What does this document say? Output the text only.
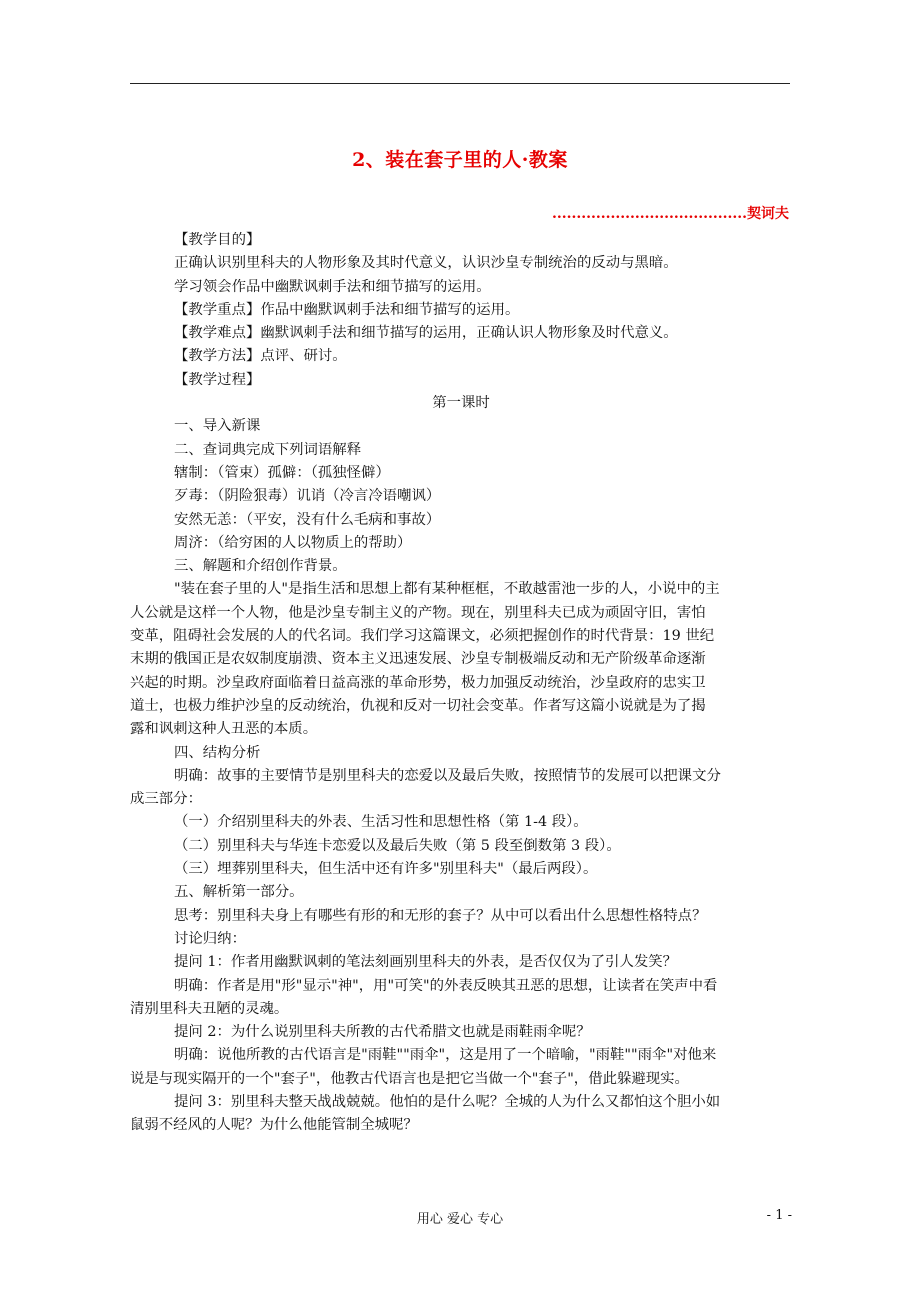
2、装在套子里的人·教案
........................................契诃夫
【教学目的】
正确认识别里科夫的人物形象及其时代意义，认识沙皇专制统治的反动与黑暗。
学习领会作品中幽默讽刺手法和细节描写的运用。
【教学重点】作品中幽默讽刺手法和细节描写的运用。
【教学难点】幽默讽刺手法和细节描写的运用，正确认识人物形象及时代意义。
【教学方法】点评、研讨。
【教学过程】
第一课时
一、导入新课
二、查词典完成下列词语解释
辖制：（管束）孤僻：（孤独怪僻）
歹毒：（阴险狠毒）讥诮（冷言冷语嘲讽）
安然无恙：（平安，没有什么毛病和事故）
周济：（给穷困的人以物质上的帮助）
三、解题和介绍创作背景。
"装在套子里的人"是指生活和思想上都有某种框框，不敢越雷池一步的人，小说中的主
人公就是这样一个人物，他是沙皇专制主义的产物。现在，别里科夫已成为顽固守旧，害怕
变革，阻碍社会发展的人的代名词。我们学习这篇课文，必须把握创作的时代背景：19 世纪
末期的俄国正是农奴制度崩溃、资本主义迅速发展、沙皇专制极端反动和无产阶级革命逐渐
兴起的时期。沙皇政府面临着日益高涨的革命形势，极力加强反动统治，沙皇政府的忠实卫
道士，也极力维护沙皇的反动统治，仇视和反对一切社会变革。作者写这篇小说就是为了揭
露和讽刺这种人丑恶的本质。
四、结构分析
明确：故事的主要情节是别里科夫的恋爱以及最后失败，按照情节的发展可以把课文分
成三部分：
（一）介绍别里科夫的外表、生活习性和思想性格（第 1-4 段）。
（二）别里科夫与华连卡恋爱以及最后失败（第 5 段至倒数第 3 段）。
（三）埋葬别里科夫，但生活中还有许多"别里科夫"（最后两段）。
五、解析第一部分。
思考：别里科夫身上有哪些有形的和无形的套子？从中可以看出什么思想性格特点？
讨论归纳：
提问 1：作者用幽默讽刺的笔法刻画别里科夫的外表，是否仅仅为了引人发笑？
明确：作者是用"形"显示"神"，用"可笑"的外表反映其丑恶的思想，让读者在笑声中看
清别里科夫丑陋的灵魂。
提问 2：为什么说别里科夫所教的古代希腊文也就是雨鞋雨伞呢？
明确：说他所教的古代语言是"雨鞋""雨伞"，这是用了一个暗喻，"雨鞋""雨伞"对他来
说是与现实隔开的一个"套子"，他教古代语言也是把它当做一个"套子"，借此躲避现实。
提问 3：别里科夫整天战战兢兢。他怕的是什么呢？全城的人为什么又都怕这个胆小如
鼠弱不经风的人呢？为什么他能管制全城呢？
用心 爱心 专心	- 1 -
